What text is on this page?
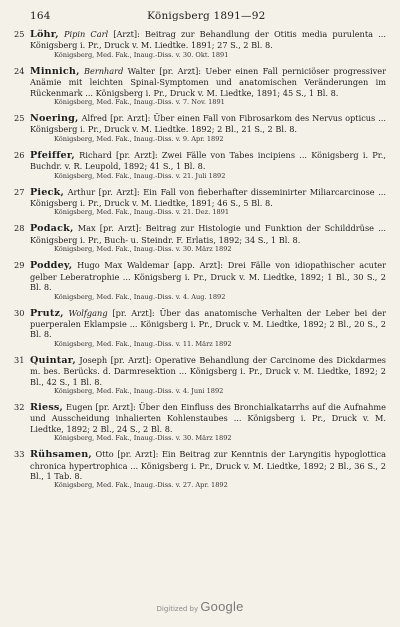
164	Königsberg 1891—92
25 Löhr, Pipin Carl [Arzt]: Beitrag zur Behandlung der Otitis media purulenta ... Königsberg i. Pr., Druck v. M. Liedtke. 1891; 27 S., 2 Bl. 8.
Königsberg, Med. Fak., Inaug.-Diss. v. 30. Okt. 1891
24 Minnich, Bernhard Walter [pr. Arzt]: Ueber einen Fall perniciöser progressiver Anämie mit leichten Spinal-Symptomen und anatomischen Veränderungen im Rückenmark ... Königsberg i. Pr., Druck v. M. Liedtke, 1891; 45 S., 1 Bl. 8.
Königsberg, Med. Fak., Inaug.-Diss. v. 7. Nov. 1891
25 Noering, Alfred [pr. Arzt]: Über einen Fall von Fibrosarkom des Nervus opticus ... Königsberg i. Pr., Druck v. M. Liedtke. 1892; 2 Bl., 21 S., 2 Bl. 8.
Königsberg, Med. Fak., Inaug.-Diss. v. 9. Apr. 1892
26 Pfeiffer, Richard [pr. Arzt]: Zwei Fälle von Tabes incipiens ... Königsberg i. Pr., Buchdr. v. R. Leupold, 1892; 41 S., 1 Bl. 8.
Königsberg, Med. Fak., Inaug.-Diss. v. 21. Juli 1892
27 Pieck, Arthur [pr. Arzt]: Ein Fall von fieberhafter disseminirter Miliarcarcinose ... Königsberg i. Pr., Druck v. M. Liedtke, 1891; 46 S., 5 Bl. 8.
Königsberg, Med. Fak., Inaug.-Diss. v. 21. Dez. 1891
28 Podack, Max [pr. Arzt]: Beitrag zur Histologie und Funktion der Schilddrüse ... Königsberg i. Pr., Buch- u. Steindr. F. Erlatis, 1892; 34 S., 1 Bl. 8.
Königsberg, Med. Fak., Inaug.-Diss. v. 30. März 1892
29 Poddey, Hugo Max Waldemar [app. Arzt]: Drei Fälle von idiopathischer acuter gelber Leberatrophie ... Königsberg i. Pr., Druck v. M. Liedtke, 1892; 1 Bl., 30 S., 2 Bl. 8.
Königsberg, Med. Fak., Inaug.-Diss. v. 4. Aug. 1892
30 Prutz, Wolfgang [pr. Arzt]: Über das anatomische Verhalten der Leber bei der puerperalen Eklampsie ... Königsberg i. Pr., Druck v. M. Liedtke, 1892; 2 Bl., 20 S., 2 Bl. 8.
Königsberg, Med. Fak., Inaug.-Diss. v. 11. März 1892
31 Quintar, Joseph [pr. Arzt]: Operative Behandlung der Carcinome des Dickdarmes m. bes. Berücks. d. Darmresektion ... Königsberg i. Pr., Druck v. M. Liedtke, 1892; 2 Bl., 42 S., 1 Bl. 8.
Königsberg, Med. Fak., Inaug.-Diss. v. 4. Juni 1892
32 Riess, Eugen [pr. Arzt]: Über den Einfluss des Bronchialkatarrhs auf die Aufnahme und Ausscheidung inhalierten Kohlenstaubes ... Königsberg i. Pr., Druck v. M. Liedtke, 1892; 2 Bl., 24 S., 2 Bl. 8.
Königsberg, Med. Fak., Inaug.-Diss. v. 30. März 1892
33 Rühsamen, Otto [pr. Arzt]: Ein Beitrag zur Kenntnis der Laryngitis hypoglottica chronica hypertrophica ... Königsberg i. Pr., Druck v. M. Liedtke, 1892; 2 Bl., 36 S., 2 Bl., 1 Tab. 8.
Königsberg, Med. Fak., Inaug.-Diss. v. 27. Apr. 1892
Digitized by Google
